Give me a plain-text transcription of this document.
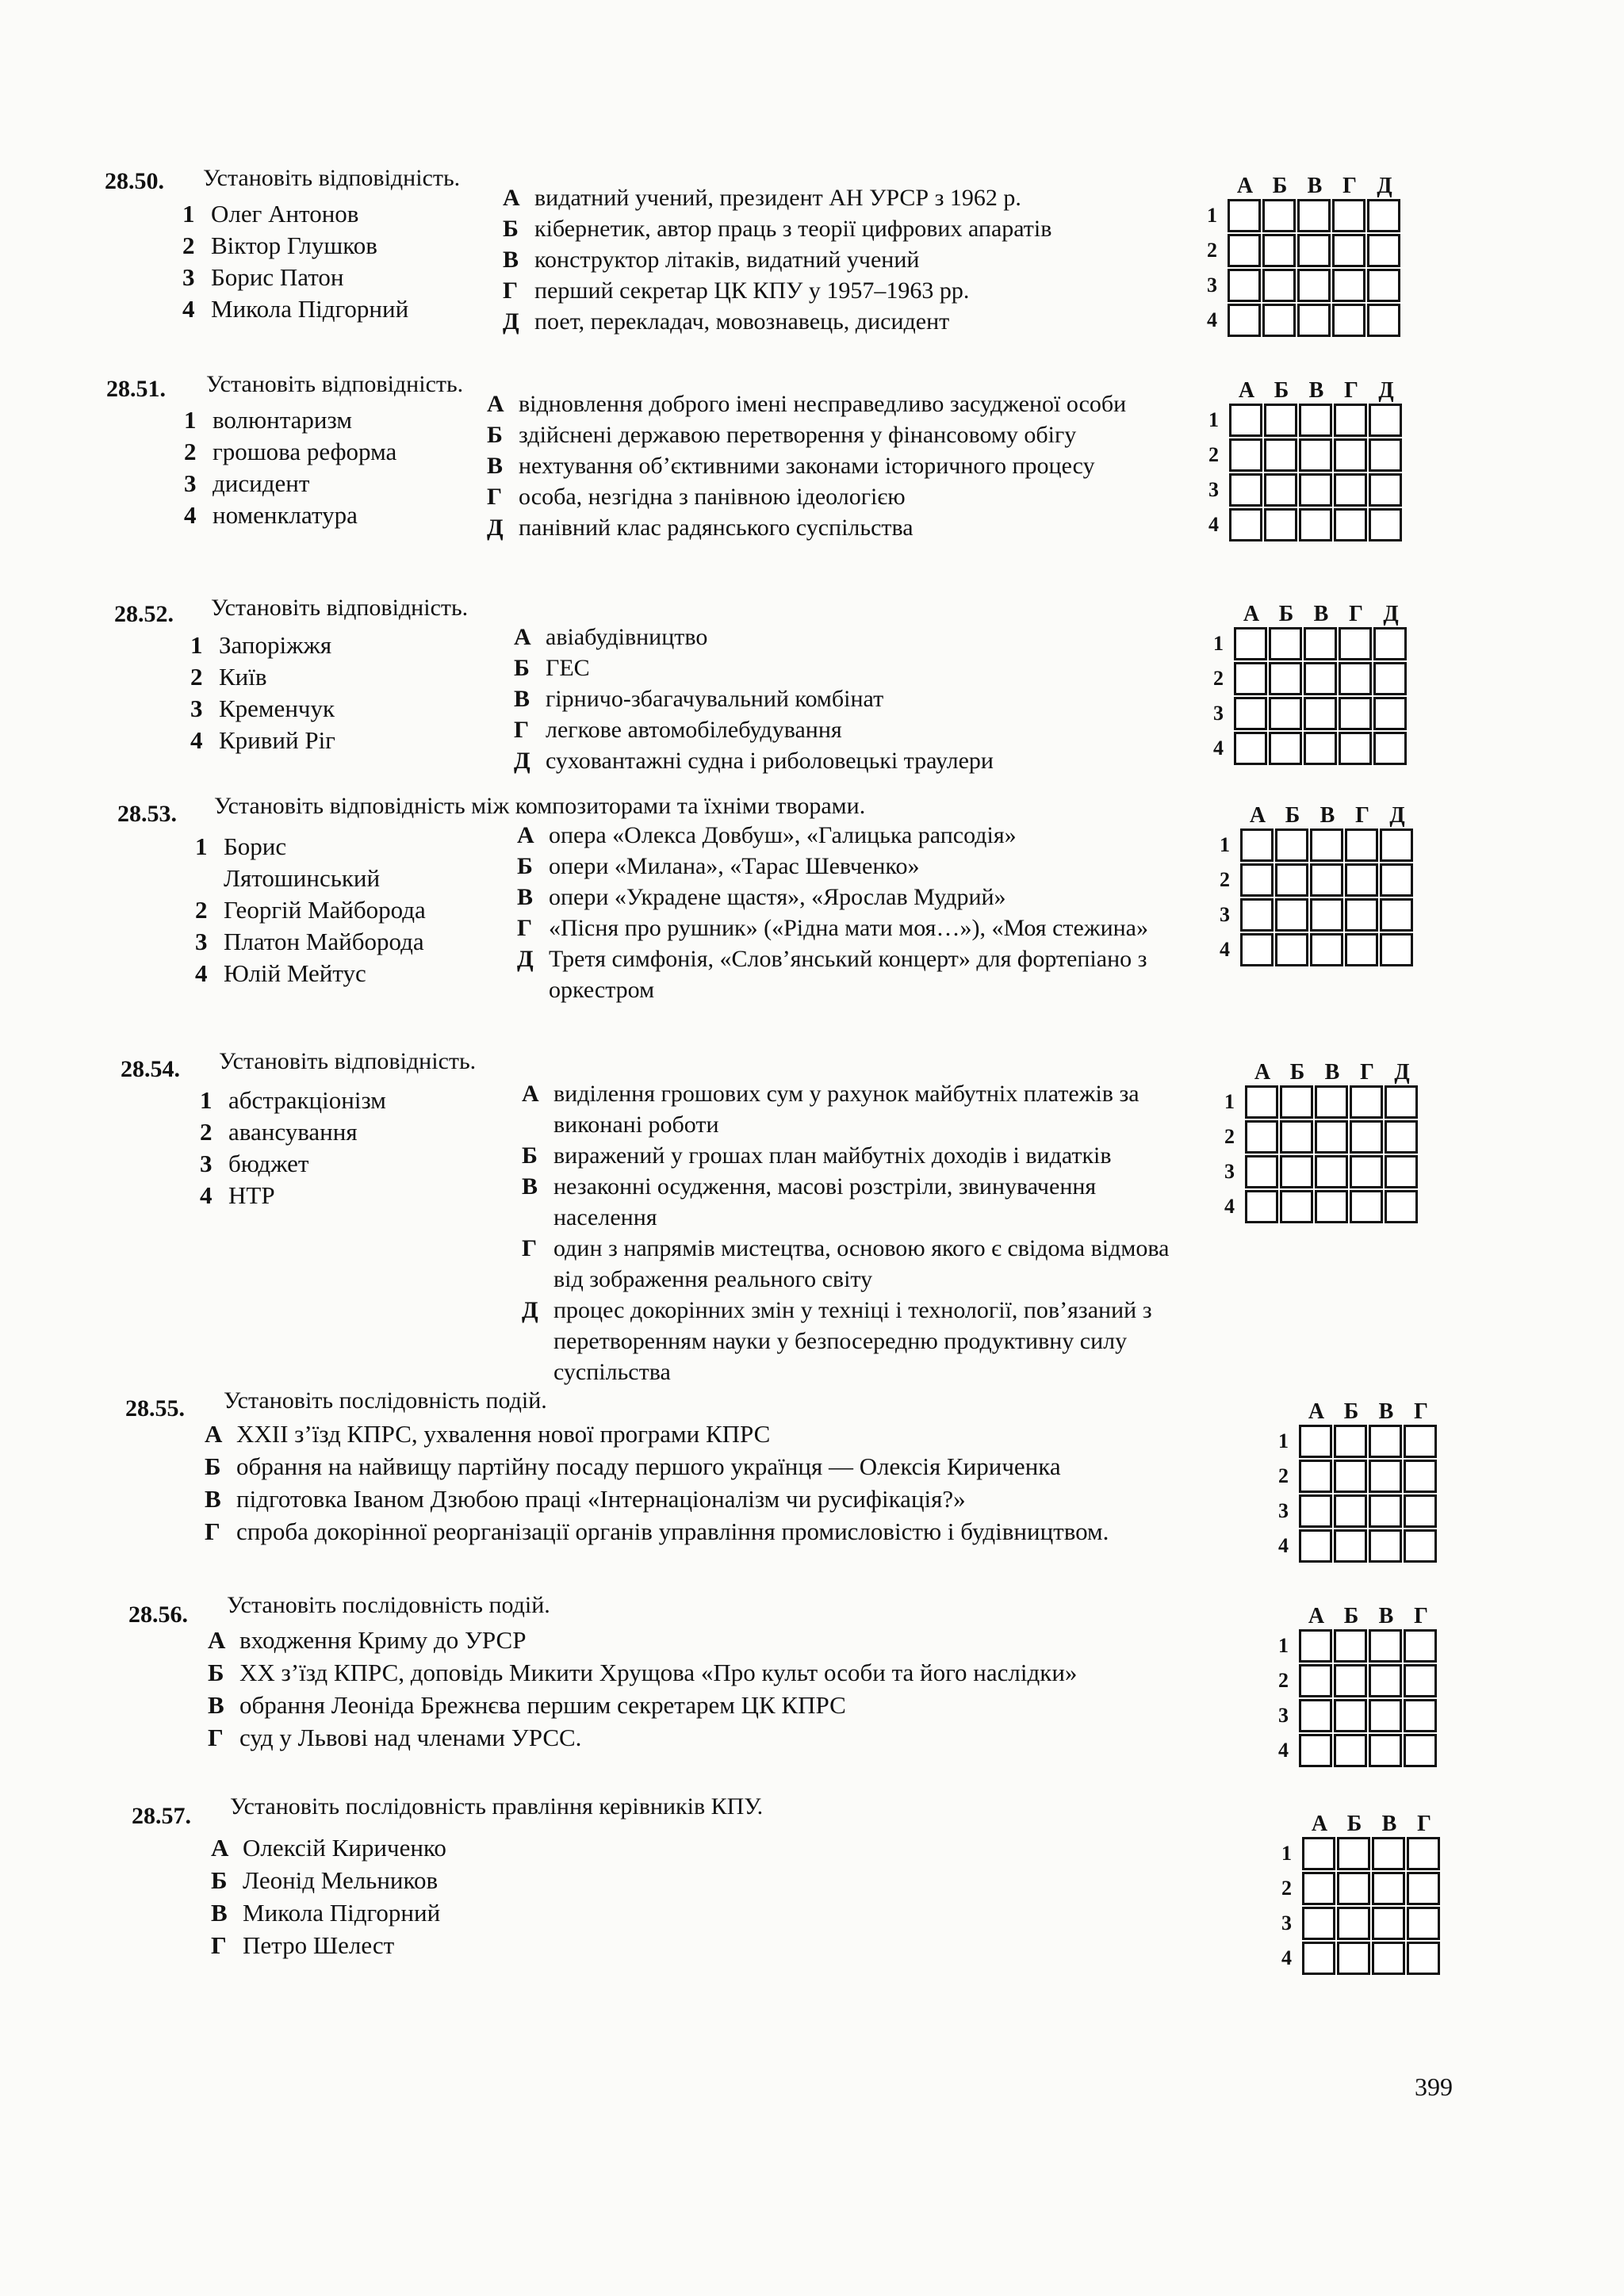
28.50. Установіть відповідність.
1 Олег Антонов
2 Віктор Глушков
3 Борис Патон
4 Микола Підгорний
А видатний учений, президент АН УРСР з 1962 р.
Б кібернетик, автор праць з теорії цифрових апаратів
В конструктор літаків, видатний учений
Г перший секретар ЦК КПУ у 1957–1963 рр.
Д поет, перекладач, мовознавець, дисидент
А Б В Г Д
1
2
3
4
28.51. Установіть відповідність.
1 волюнтаризм
2 грошова реформа
3 дисидент
4 номенклатура
А відновлення доброго імені несправедливо засудженої особи
Б здійснені державою перетворення у фінансовому обігу
В нехтування об’єктивними законами історичного процесу
Г особа, незгідна з панівною ідеологією
Д панівний клас радянського суспільства
А Б В Г Д
1
2
3
4
28.52. Установіть відповідність.
1 Запоріжжя
2 Київ
3 Кременчук
4 Кривий Ріг
А авіабудівництво
Б ГЕС
В гірничо-збагачувальний комбінат
Г легкове автомобілебудування
Д суховантажні судна і риболовецькі траулери
А Б В Г Д
1
2
3
4
28.53. Установіть відповідність між композиторами та їхніми творами.
1 Борис
Лятошинський
2 Георгій Майборода
3 Платон Майборода
4 Юлій Мейтус
А опера «Олекса Довбуш», «Галицька рапсодія»
Б опери «Милана», «Тарас Шевченко»
В опери «Украдене щастя», «Ярослав Мудрий»
Г «Пісня про рушник» («Рідна мати моя…»), «Моя стежина»
Д Третя симфонія, «Слов’янський концерт» для фортепіано з оркестром
А Б В Г Д
1
2
3
4
28.54. Установіть відповідність.
1 абстракціонізм
2 авансування
3 бюджет
4 НТР
А виділення грошових сум у рахунок майбутніх платежів за виконані роботи
Б виражений у грошах план майбутніх доходів і видатків
В незаконні осудження, масові розстріли, звинувачення населення
Г один з напрямів мистецтва, основою якого є свідома відмова від зображення реального світу
Д процес докорінних змін у техніці і технології, пов’язаний з перетворенням науки у безпосередню продуктивну силу суспільства
А Б В Г Д
1
2
3
4
28.55. Установіть послідовність подій.
А XXII з’їзд КПРС, ухвалення нової програми КПРС
Б обрання на найвищу партійну посаду першого українця — Олексія Кириченка
В підготовка Іваном Дзюбою праці «Інтернаціоналізм чи русифікація?»
Г спроба докорінної реорганізації органів управління промисловістю і будівництвом.
А Б В Г
1
2
3
4
28.56. Установіть послідовність подій.
А входження Криму до УРСР
Б XX з’їзд КПРС, доповідь Микити Хрущова «Про культ особи та його наслідки»
В обрання Леоніда Брежнєва першим секретарем ЦК КПРС
Г суд у Львові над членами УРСС.
А Б В Г
1
2
3
4
28.57. Установіть послідовність правління керівників КПУ.
А Олексій Кириченко
Б Леонід Мельников
В Микола Підгорний
Г Петро Шелест
А Б В Г
1
2
3
4
399
